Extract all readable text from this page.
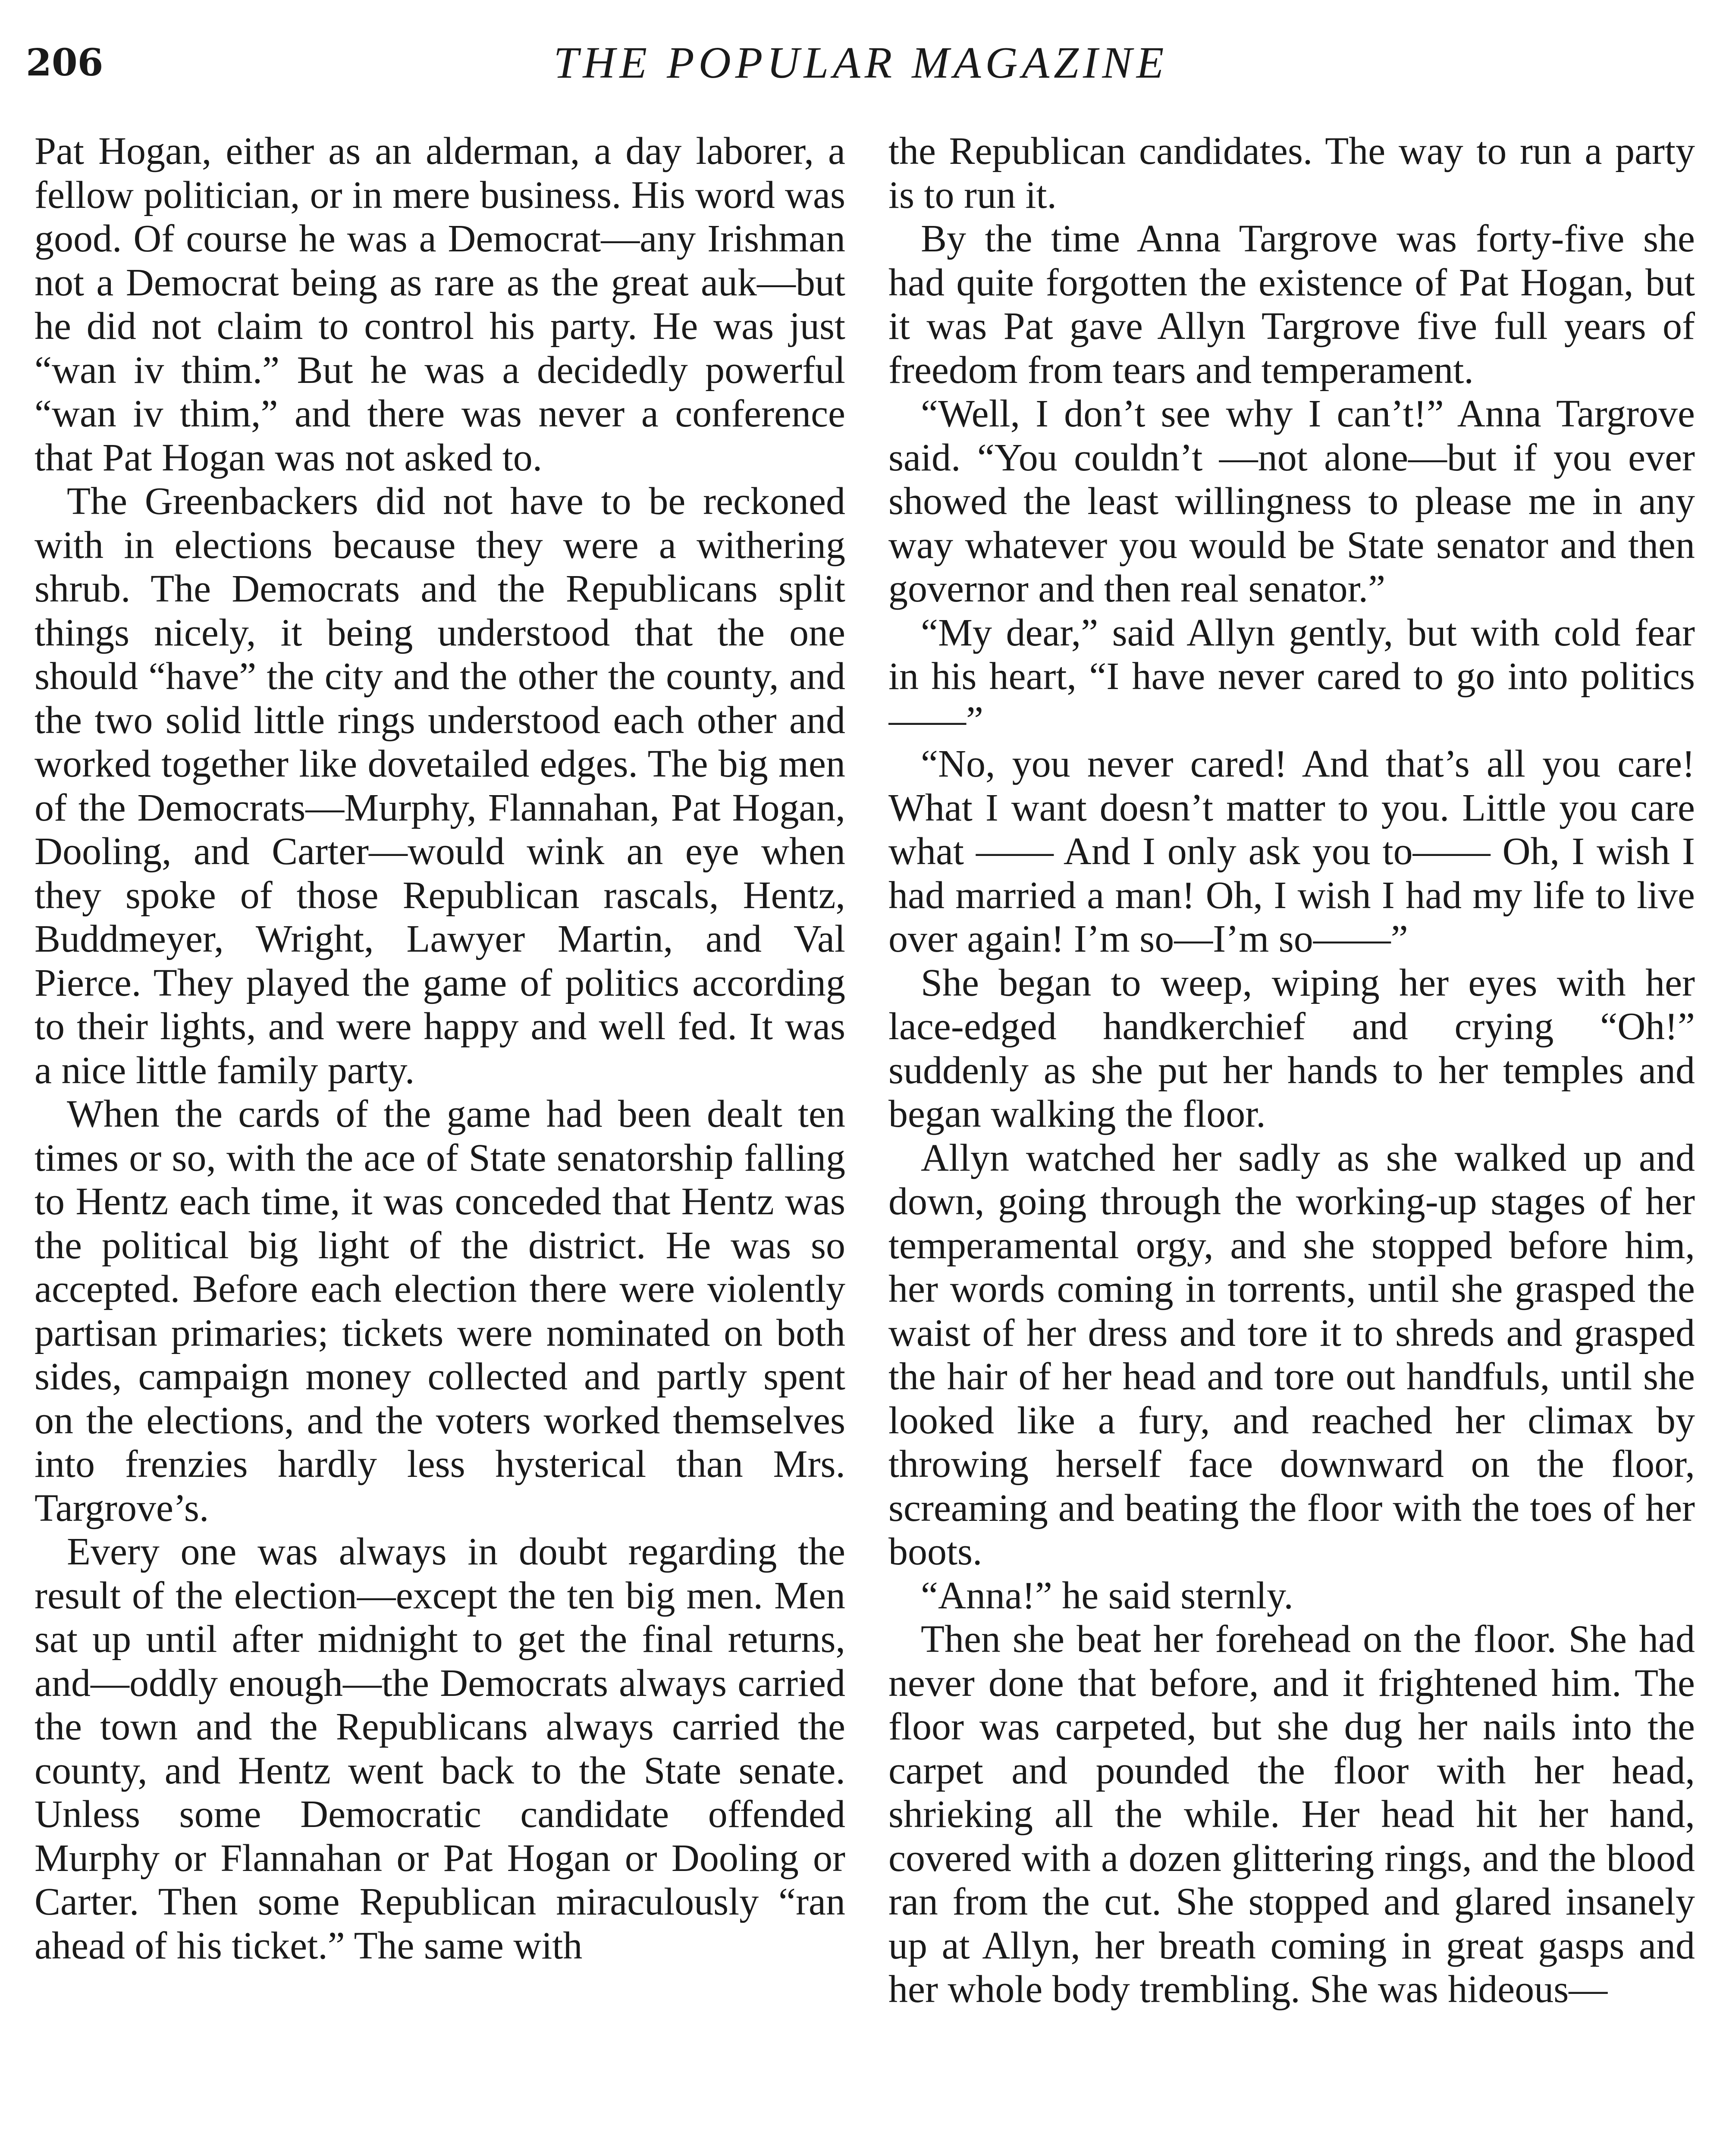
206	THE POPULAR MAGAZINE

Pat Hogan, either as an alderman, a day laborer, a fellow politician, or in mere business. His word was good. Of course he was a Democrat—any Irishman not a Democrat being as rare as the great auk—but he did not claim to control his party. He was just “wan iv thim.” But he was a decidedly powerful “wan iv thim,” and there was never a conference that Pat Hogan was not asked to.

The Greenbackers did not have to be reckoned with in elections because they were a withering shrub. The Democrats and the Republicans split things nicely, it being understood that the one should “have” the city and the other the county, and the two solid little rings understood each other and worked together like dovetailed edges. The big men of the Democrats—Murphy, Flannahan, Pat Hogan, Dooling, and Carter—would wink an eye when they spoke of those Republican rascals, Hentz, Buddmeyer, Wright, Lawyer Martin, and Val Pierce. They played the game of politics according to their lights, and were happy and well fed. It was a nice little family party.

When the cards of the game had been dealt ten times or so, with the ace of State senatorship falling to Hentz each time, it was conceded that Hentz was the political big light of the district. He was so accepted. Before each election there were violently partisan primaries; tickets were nominated on both sides, campaign money collected and partly spent on the elections, and the voters worked themselves into frenzies hardly less hysterical than Mrs. Targrove’s.

Every one was always in doubt regarding the result of the election—except the ten big men. Men sat up until after midnight to get the final returns, and—oddly enough—the Democrats always carried the town and the Republicans always carried the county, and Hentz went back to the State senate. Unless some Democratic candidate offended Murphy or Flannahan or Pat Hogan or Dooling or Carter. Then some Republican miraculously “ran ahead of his ticket.” The same with

the Republican candidates. The way to run a party is to run it.

By the time Anna Targrove was forty-five she had quite forgotten the existence of Pat Hogan, but it was Pat gave Allyn Targrove five full years of freedom from tears and temperament.

“Well, I don’t see why I can’t!” Anna Targrove said. “You couldn’t —not alone—but if you ever showed the least willingness to please me in any way whatever you would be State senator and then governor and then real senator.”

“My dear,” said Allyn gently, but with cold fear in his heart, “I have never cared to go into politics——”

“No, you never cared! And that’s all you care! What I want doesn’t matter to you. Little you care what —— And I only ask you to—— Oh, I wish I had married a man! Oh, I wish I had my life to live over again! I’m so—I’m so——”

She began to weep, wiping her eyes with her lace-edged handkerchief and crying “Oh!” suddenly as she put her hands to her temples and began walking the floor.

Allyn watched her sadly as she walked up and down, going through the working-up stages of her temperamental orgy, and she stopped before him, her words coming in torrents, until she grasped the waist of her dress and tore it to shreds and grasped the hair of her head and tore out handfuls, until she looked like a fury, and reached her climax by throwing herself face downward on the floor, screaming and beating the floor with the toes of her boots.

“Anna!” he said sternly.

Then she beat her forehead on the floor. She had never done that before, and it frightened him. The floor was carpeted, but she dug her nails into the carpet and pounded the floor with her head, shrieking all the while. Her head hit her hand, covered with a dozen glittering rings, and the blood ran from the cut. She stopped and glared insanely up at Allyn, her breath coming in great gasps and her whole body trembling. She was hideous—
